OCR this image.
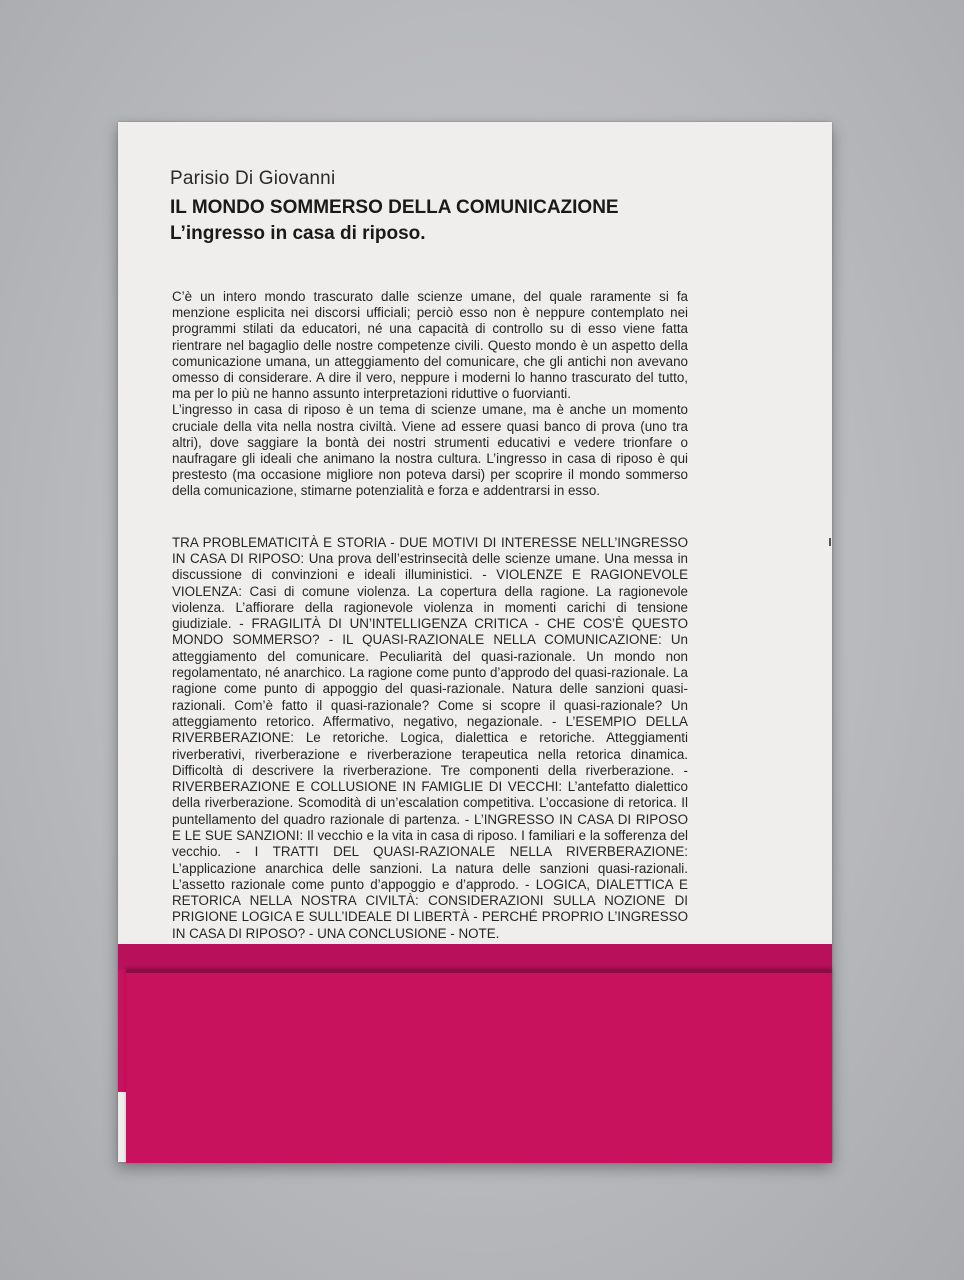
Parisio Di Giovanni
IL MONDO SOMMERSO DELLA COMUNICAZIONE
L’ingresso in casa di riposo.

C’è un intero mondo trascurato dalle scienze umane, del quale raramente si fa menzione esplicita nei discorsi ufficiali; perciò esso non è neppure contemplato nei programmi stilati da educatori, né una capacità di controllo su di esso viene fatta rientrare nel bagaglio delle nostre competenze civili. Questo mondo è un aspetto della comunicazione umana, un atteggiamento del comunicare, che gli antichi non avevano omesso di considerare. A dire il vero, neppure i moderni lo hanno trascurato del tutto, ma per lo più ne hanno assunto interpretazioni riduttive o fuorvianti.

L’ingresso in casa di riposo è un tema di scienze umane, ma è anche un momento cruciale della vita nella nostra civiltà. Viene ad essere quasi banco di prova (uno tra altri), dove saggiare la bontà dei nostri strumenti educativi e vedere trionfare o naufragare gli ideali che animano la nostra cultura. L’ingresso in casa di riposo è qui prestesto (ma occasione migliore non poteva darsi) per scoprire il mondo sommerso della comunicazione, stimarne potenzialità e forza e addentrarsi in esso.

TRA PROBLEMATICITÀ E STORIA - DUE MOTIVI DI INTERESSE NELL’INGRESSO IN CASA DI RIPOSO: Una prova dell’estrinsecità delle scienze umane. Una messa in discussione di convinzioni e ideali illuministici. - VIOLENZE E RAGIONEVOLE VIOLENZA: Casi di comune violenza. La copertura della ragione. La ragionevole violenza. L’affiorare della ragionevole violenza in momenti carichi di tensione giudiziale. - FRAGILITÀ DI UN’INTELLIGENZA CRITICA - CHE COS’È QUESTO MONDO SOMMERSO? - IL QUASI-RAZIONALE NELLA COMUNICAZIONE: Un atteggiamento del comunicare. Peculiarità del quasi-razionale. Un mondo non regolamentato, né anarchico. La ragione come punto d’approdo del quasi-razionale. La ragione come punto di appoggio del quasi-razionale. Natura delle sanzioni quasi-razionali. Com’è fatto il quasi-razionale? Come si scopre il quasi-razionale? Un atteggiamento retorico. Affermativo, negativo, negazionale. - L’ESEMPIO DELLA RIVERBERAZIONE: Le retoriche. Logica, dialettica e retoriche. Atteggiamenti riverberativi, riverberazione e riverberazione terapeutica nella retorica dinamica. Difficoltà di descrivere la riverberazione. Tre componenti della riverberazione. - RIVERBERAZIONE E COLLUSIONE IN FAMIGLIE DI VECCHI: L’antefatto dialettico della riverberazione. Scomodità di un’escalation competitiva. L’occasione di retorica. Il puntellamento del quadro razionale di partenza. - L’INGRESSO IN CASA DI RIPOSO E LE SUE SANZIONI: Il vecchio e la vita in casa di riposo. I familiari e la sofferenza del vecchio. - I TRATTI DEL QUASI-RAZIONALE NELLA RIVERBERAZIONE: L’applicazione anarchica delle sanzioni. La natura delle sanzioni quasi-razionali. L’assetto razionale come punto d’appoggio e d’approdo. - LOGICA, DIALETTICA E RETORICA NELLA NOSTRA CIVILTÀ: CONSIDERAZIONI SULLA NOZIONE DI PRIGIONE LOGICA E SULL’IDEALE DI LIBERTÀ - PERCHÉ PROPRIO L’INGRESSO IN CASA DI RIPOSO? - UNA CONCLUSIONE - NOTE.
